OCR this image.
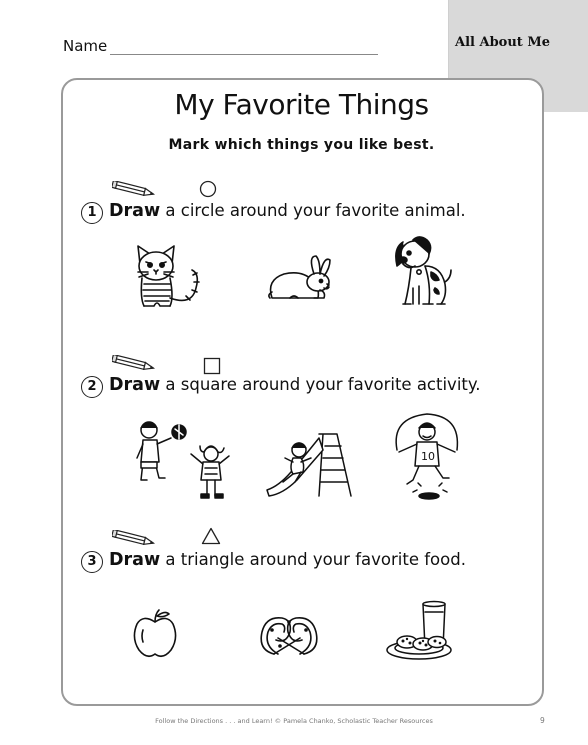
All About Me
Name
My Favorite Things
Mark which things you like best.
1 Draw a circle around your favorite animal.
2 Draw a square around your favorite activity.
10
3 Draw a triangle around your favorite food.
Follow the Directions . . . and Learn! © Pamela Chanko, Scholastic Teacher Resources	9
